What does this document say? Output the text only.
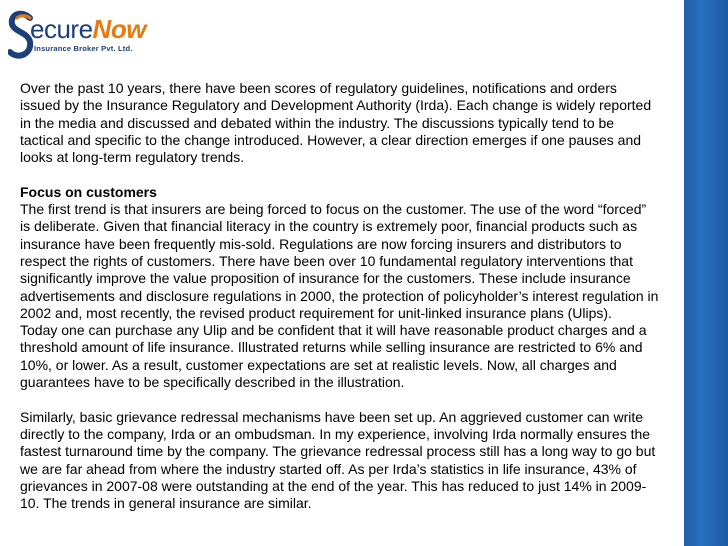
ecureNow
Insurance Broker Pvt. Ltd.

Over the past 10 years, there have been scores of regulatory guidelines, notifications and orders issued by the Insurance Regulatory and Development Authority (Irda). Each change is widely reported in the media and discussed and debated within the industry. The discussions typically tend to be tactical and specific to the change introduced. However, a clear direction emerges if one pauses and looks at long-term regulatory trends.

Focus on customers

The first trend is that insurers are being forced to focus on the customer. The use of the word “forced” is deliberate. Given that financial literacy in the country is extremely poor, financial products such as insurance have been frequently mis-sold. Regulations are now forcing insurers and distributors to respect the rights of customers. There have been over 10 fundamental regulatory interventions that significantly improve the value proposition of insurance for the customers. These include insurance advertisements and disclosure regulations in 2000, the protection of policyholder’s interest regulation in 2002 and, most recently, the revised product requirement for unit-linked insurance plans (Ulips).

Today one can purchase any Ulip and be confident that it will have reasonable product charges and a threshold amount of life insurance. Illustrated returns while selling insurance are restricted to 6% and 10%, or lower. As a result, customer expectations are set at realistic levels. Now, all charges and guarantees have to be specifically described in the illustration.

Similarly, basic grievance redressal mechanisms have been set up. An aggrieved customer can write directly to the company, Irda or an ombudsman. In my experience, involving Irda normally ensures the fastest turnaround time by the company. The grievance redressal process still has a long way to go but we are far ahead from where the industry started off. As per Irda’s statistics in life insurance, 43% of grievances in 2007-08 were outstanding at the end of the year. This has reduced to just 14% in 2009-10. The trends in general insurance are similar.
